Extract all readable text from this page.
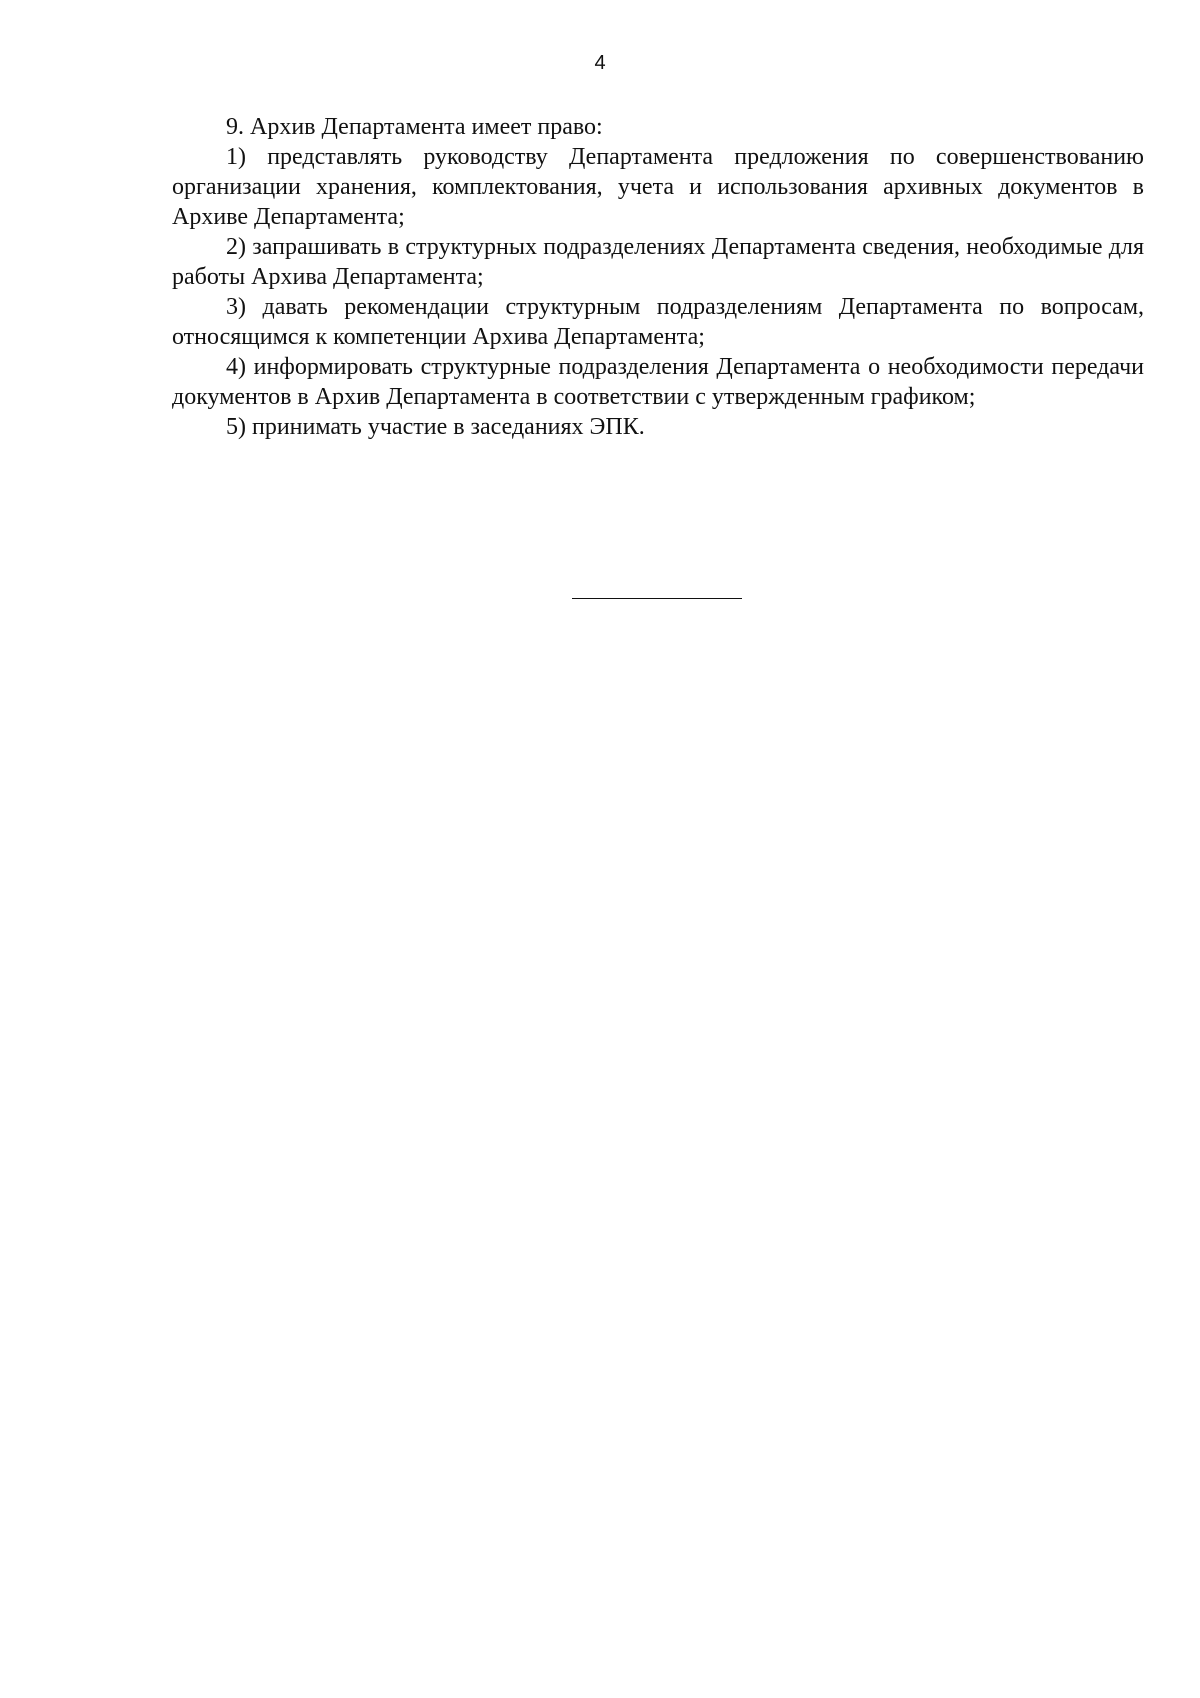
4

9. Архив Департамента имеет право:

1) представлять руководству Департамента предложения по совершенствованию организации хранения, комплектования, учета и использования архивных документов в Архиве Департамента;

2) запрашивать в структурных подразделениях Департамента сведения, необходимые для работы Архива Департамента;

3) давать рекомендации структурным подразделениям Департамента по вопросам, относящимся к компетенции Архива Департамента;

4) информировать структурные подразделения Департамента о необходимости передачи документов в Архив Департамента в соответствии с утвержденным графиком;

5) принимать участие в заседаниях ЭПК.
